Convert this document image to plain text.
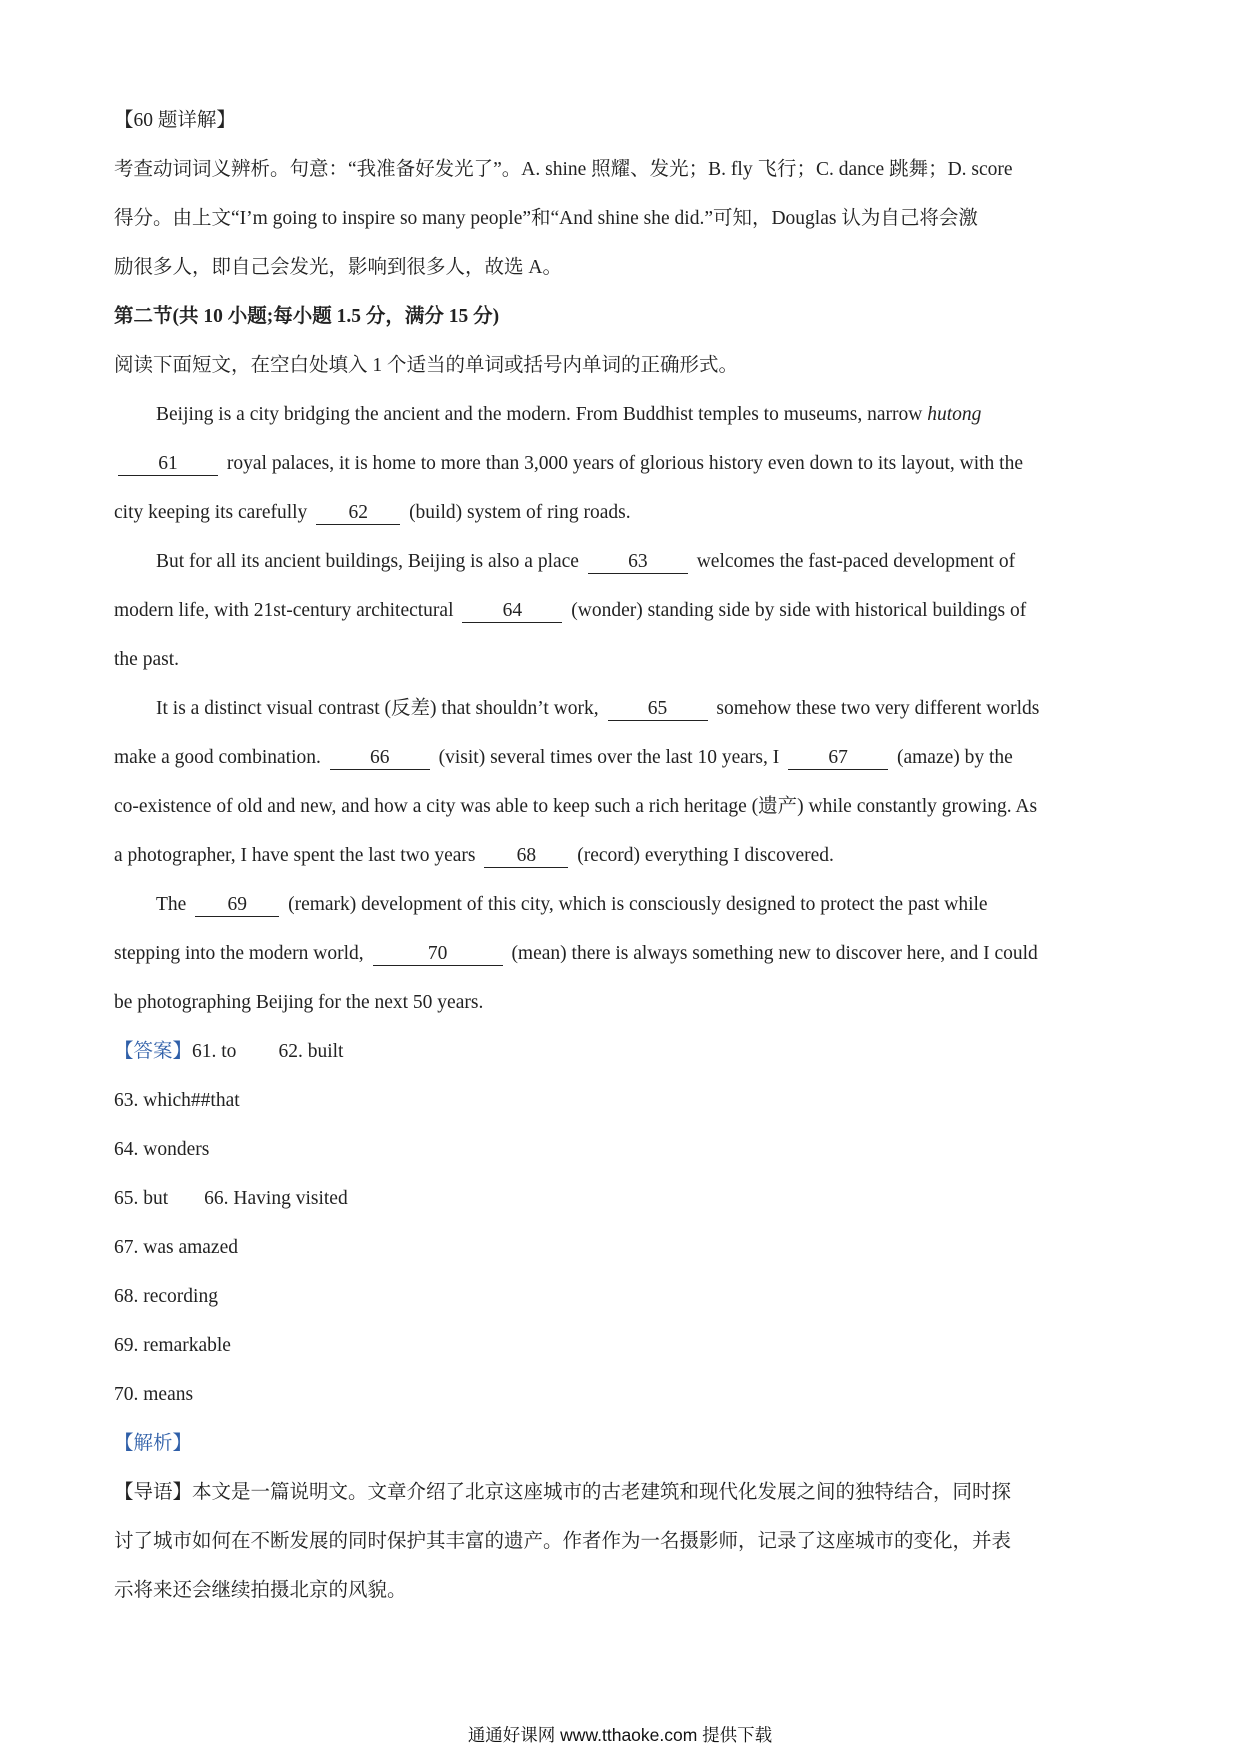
【60 题详解】
考查动词词义辨析。句意：“我准备好发光了”。A. shine 照耀、发光；B. fly 飞行；C. dance 跳舞；D. score
得分。由上文“I’m going to inspire so many people”和“And shine she did.”可知，Douglas 认为自己将会激
励很多人，即自己会发光，影响到很多人，故选 A。
第二节(共 10 小题;每小题 1.5 分，满分 15 分)
阅读下面短文，在空白处填入 1 个适当的单词或括号内单词的正确形式。
Beijing is a city bridging the ancient and the modern. From Buddhist temples to museums, narrow hutong
61 royal palaces, it is home to more than 3,000 years of glorious history even down to its layout, with the
city keeping its carefully 62 (build) system of ring roads.
But for all its ancient buildings, Beijing is also a place 63 welcomes the fast-paced development of
modern life, with 21st-century architectural 64 (wonder) standing side by side with historical buildings of
the past.
It is a distinct visual contrast (反差) that shouldn’t work, 65 somehow these two very different worlds
make a good combination. 66 (visit) several times over the last 10 years, I 67 (amaze) by the
co-existence of old and new, and how a city was able to keep such a rich heritage (遗产) while constantly growing. As
a photographer, I have spent the last two years 68 (record) everything I discovered.
The 69 (remark) development of this city, which is consciously designed to protect the past while
stepping into the modern world,	70	(mean) there is always something new to discover here, and I could
be photographing Beijing for the next 50 years.
【答案】61. to 62. built
63. which##that
64. wonders
65. but 66. Having visited
67. was amazed
68. recording
69. remarkable
70. means
【解析】
【导语】本文是一篇说明文。文章介绍了北京这座城市的古老建筑和现代化发展之间的独特结合，同时探
讨了城市如何在不断发展的同时保护其丰富的遗产。作者作为一名摄影师，记录了这座城市的变化，并表
示将来还会继续拍摄北京的风貌。
通通好课网 www.tthaoke.com 提供下载
